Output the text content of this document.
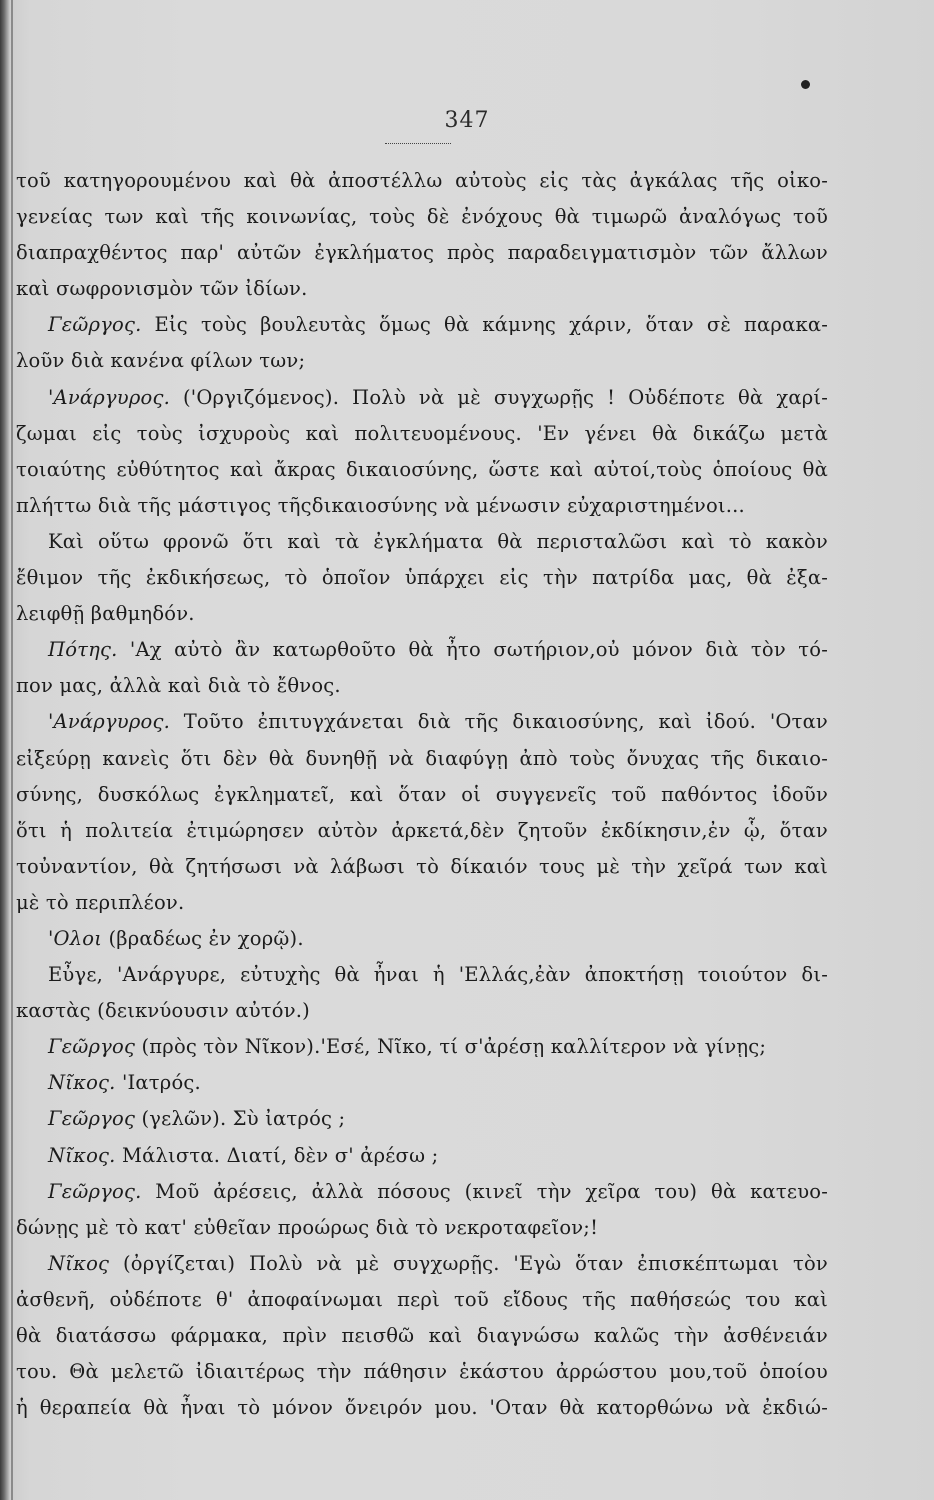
347
τοῦ κατηγορουμένου καὶ θὰ ἀποστέλλω αὐτοὺς εἰς τὰς ἀγκάλας τῆς οἰκο-
γενείας των καὶ τῆς κοινωνίας, τοὺς δὲ ἐνόχους θὰ τιμωρῶ ἀναλόγως τοῦ
διαπραχθέντος παρ' αὐτῶν ἐγκλήματος πρὸς παραδειγματισμὸν τῶν ἄλλων
καὶ σωφρονισμὸν τῶν ἰδίων.
Γεῶργος. Εἰς τοὺς βουλευτὰς ὅμως θὰ κάμνης χάριν, ὅταν σὲ παρακα-
λοῦν διὰ κανένα φίλων των;
'Ανάργυρος. ('Οργιζόμενος). Πολὺ νὰ μὲ συγχωρῇς ! Οὐδέποτε θὰ χαρί-
ζωμαι εἰς τοὺς ἰσχυροὺς καὶ πολιτευομένους. 'Εν γένει θὰ δικάζω μετὰ
τοιαύτης εὐθύτητος καὶ ἄκρας δικαιοσύνης, ὥστε καὶ αὐτοί,τοὺς ὁποίους θὰ
πλήττω διὰ τῆς μάστιγος τῆςδικαιοσύνης νὰ μένωσιν εὐχαριστημένοι...
Καὶ οὕτω φρονῶ ὅτι καὶ τὰ ἐγκλήματα θὰ περισταλῶσι καὶ τὸ κακὸν
ἔθιμον τῆς ἐκδικήσεως, τὸ ὁποῖον ὑπάρχει εἰς τὴν πατρίδα μας, θὰ ἐξα-
λειφθῇ βαθμηδόν.
Πότης. 'Αχ αὐτὸ ἂν κατωρθοῦτο θὰ ἦτο σωτήριον,οὐ μόνον διὰ τὸν τό-
πον μας, ἀλλὰ καὶ διὰ τὸ ἔθνος.
'Ανάργυρος. Τοῦτο ἐπιτυγχάνεται διὰ τῆς δικαιοσύνης, καὶ ἰδού. 'Οταν
εἰξεύρῃ κανεὶς ὅτι δὲν θὰ δυνηθῇ νὰ διαφύγῃ ἀπὸ τοὺς ὄνυχας τῆς δικαιο-
σύνης, δυσκόλως ἐγκληματεῖ, καὶ ὅταν οἱ συγγενεῖς τοῦ παθόντος ἰδοῦν
ὅτι ἡ πολιτεία ἐτιμώρησεν αὐτὸν ἀρκετά,δὲν ζητοῦν ἐκδίκησιν,ἐν ᾧ, ὅταν
τοὐναντίον, θὰ ζητήσωσι νὰ λάβωσι τὸ δίκαιόν τους μὲ τὴν χεῖρά των καὶ
μὲ τὸ περιπλέον.
'Ολοι (βραδέως ἐν χορῷ).
Εὖγε, 'Ανάργυρε, εὐτυχὴς θὰ ἦναι ἡ 'Ελλάς,ἐὰν ἀποκτήσῃ τοιούτον δι-
καστὰς (δεικνύουσιν αὐτόν.)
Γεῶργος (πρὸς τὸν Νῖκον).'Εσέ, Νῖκο, τί σ'ἀρέσῃ καλλίτερον νὰ γίνῃς;
Νῖκος. 'Ιατρός.
Γεῶργος (γελῶν). Σὺ ἰατρός ;
Νῖκος. Μάλιστα. Διατί, δὲν σ' ἀρέσω ;
Γεῶργος. Μοῦ ἀρέσεις, ἀλλὰ πόσους (κινεῖ τὴν χεῖρα του) θὰ κατευο-
δώνῃς μὲ τὸ κατ' εὐθεῖαν προώρως διὰ τὸ νεκροταφεῖον;!
Νῖκος (ὀργίζεται) Πολὺ νὰ μὲ συγχωρῇς. 'Εγὼ ὅταν ἐπισκέπτωμαι τὸν
ἀσθενῆ, οὐδέποτε θ' ἀποφαίνωμαι περὶ τοῦ εἴδους τῆς παθήσεώς του καὶ
θὰ διατάσσω φάρμακα, πρὶν πεισθῶ καὶ διαγνώσω καλῶς τὴν ἀσθένειάν
του. Θὰ μελετῶ ἰδιαιτέρως τὴν πάθησιν ἑκάστου ἀρρώστου μου,τοῦ ὁποίου
ἡ θεραπεία θὰ ἦναι τὸ μόνον ὄνειρόν μου. 'Οταν θὰ κατορθώνω νὰ ἐκδιώ-
